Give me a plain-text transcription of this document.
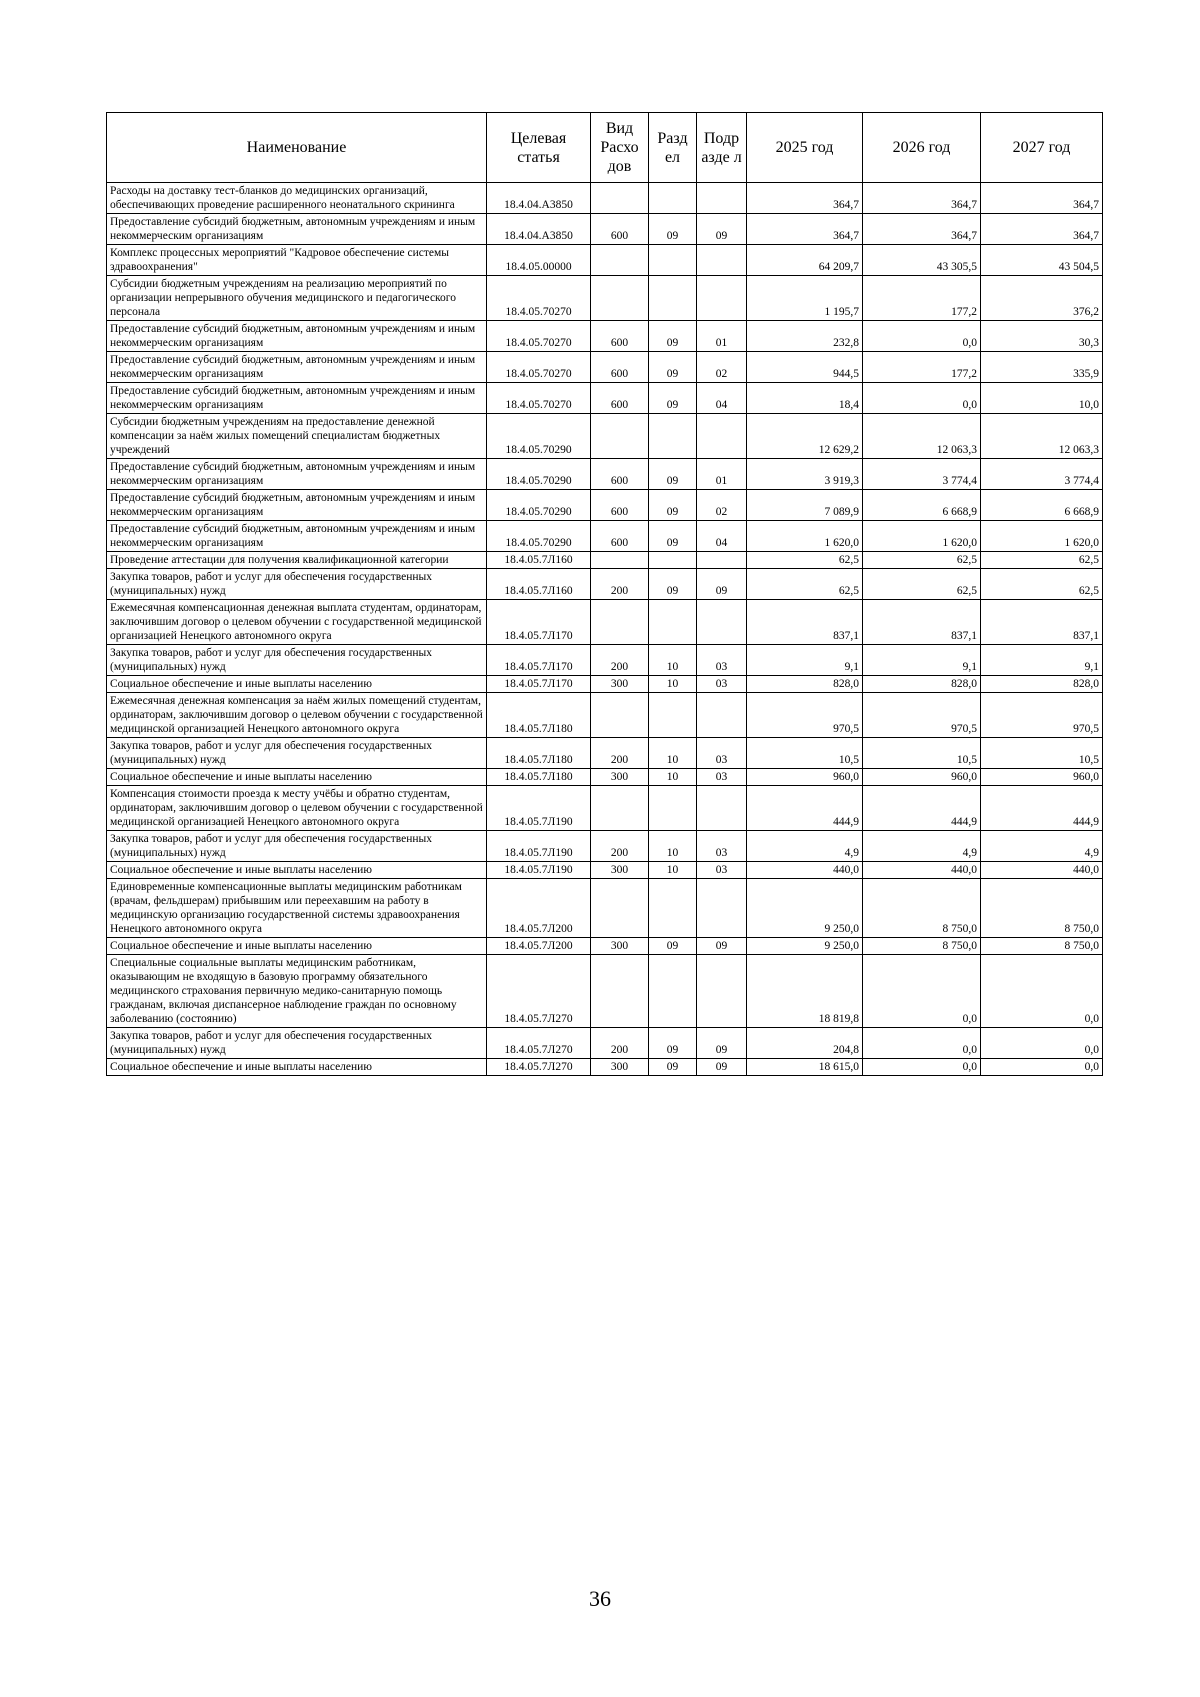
Наименование	Целевая статья	Вид Расхо дов	Разд ел	Подр азде л	2025 год	2026 год	2027 год
Расходы на доставку тест-бланков до медицинских организаций, обеспечивающих проведение расширенного неонатального скрининга	18.4.04.А3850				364,7	364,7	364,7
Предоставление субсидий бюджетным, автономным учреждениям и иным некоммерческим организациям	18.4.04.А3850	600	09	09	364,7	364,7	364,7
Комплекс процессных мероприятий "Кадровое обеспечение системы здравоохранения"	18.4.05.00000				64 209,7	43 305,5	43 504,5
Субсидии бюджетным учреждениям на реализацию мероприятий по организации непрерывного обучения медицинского и педагогического персонала	18.4.05.70270				1 195,7	177,2	376,2
Предоставление субсидий бюджетным, автономным учреждениям и иным некоммерческим организациям	18.4.05.70270	600	09	01	232,8	0,0	30,3
Предоставление субсидий бюджетным, автономным учреждениям и иным некоммерческим организациям	18.4.05.70270	600	09	02	944,5	177,2	335,9
Предоставление субсидий бюджетным, автономным учреждениям и иным некоммерческим организациям	18.4.05.70270	600	09	04	18,4	0,0	10,0
Субсидии бюджетным учреждениям на предоставление денежной компенсации за наём жилых помещений специалистам бюджетных учреждений	18.4.05.70290				12 629,2	12 063,3	12 063,3
Предоставление субсидий бюджетным, автономным учреждениям и иным некоммерческим организациям	18.4.05.70290	600	09	01	3 919,3	3 774,4	3 774,4
Предоставление субсидий бюджетным, автономным учреждениям и иным некоммерческим организациям	18.4.05.70290	600	09	02	7 089,9	6 668,9	6 668,9
Предоставление субсидий бюджетным, автономным учреждениям и иным некоммерческим организациям	18.4.05.70290	600	09	04	1 620,0	1 620,0	1 620,0
Проведение аттестации для получения квалификационной категории	18.4.05.7Л160				62,5	62,5	62,5
Закупка товаров, работ и услуг для обеспечения государственных (муниципальных) нужд	18.4.05.7Л160	200	09	09	62,5	62,5	62,5
Ежемесячная компенсационная денежная выплата студентам, ординаторам, заключившим договор о целевом обучении с государственной медицинской организацией Ненецкого автономного округа	18.4.05.7Л170				837,1	837,1	837,1
Закупка товаров, работ и услуг для обеспечения государственных (муниципальных) нужд	18.4.05.7Л170	200	10	03	9,1	9,1	9,1
Социальное обеспечение и иные выплаты населению	18.4.05.7Л170	300	10	03	828,0	828,0	828,0
Ежемесячная денежная компенсация за наём жилых помещений студентам, ординаторам, заключившим договор о целевом обучении с государственной медицинской организацией Ненецкого автономного округа	18.4.05.7Л180				970,5	970,5	970,5
Закупка товаров, работ и услуг для обеспечения государственных (муниципальных) нужд	18.4.05.7Л180	200	10	03	10,5	10,5	10,5
Социальное обеспечение и иные выплаты населению	18.4.05.7Л180	300	10	03	960,0	960,0	960,0
Компенсация стоимости проезда к месту учёбы и обратно студентам, ординаторам, заключившим договор о целевом обучении с государственной медицинской организацией Ненецкого автономного округа	18.4.05.7Л190				444,9	444,9	444,9
Закупка товаров, работ и услуг для обеспечения государственных (муниципальных) нужд	18.4.05.7Л190	200	10	03	4,9	4,9	4,9
Социальное обеспечение и иные выплаты населению	18.4.05.7Л190	300	10	03	440,0	440,0	440,0
Единовременные компенсационные выплаты медицинским работникам (врачам, фельдшерам) прибывшим или переехавшим на работу в медицинскую организацию государственной системы здравоохранения Ненецкого автономного округа	18.4.05.7Л200				9 250,0	8 750,0	8 750,0
Социальное обеспечение и иные выплаты населению	18.4.05.7Л200	300	09	09	9 250,0	8 750,0	8 750,0
Специальные социальные выплаты медицинским работникам, оказывающим не входящую в базовую программу обязательного медицинского страхования первичную медико-санитарную помощь гражданам, включая диспансерное наблюдение граждан по основному заболеванию (состоянию)	18.4.05.7Л270				18 819,8	0,0	0,0
Закупка товаров, работ и услуг для обеспечения государственных (муниципальных) нужд	18.4.05.7Л270	200	09	09	204,8	0,0	0,0
Социальное обеспечение и иные выплаты населению	18.4.05.7Л270	300	09	09	18 615,0	0,0	0,0
36
